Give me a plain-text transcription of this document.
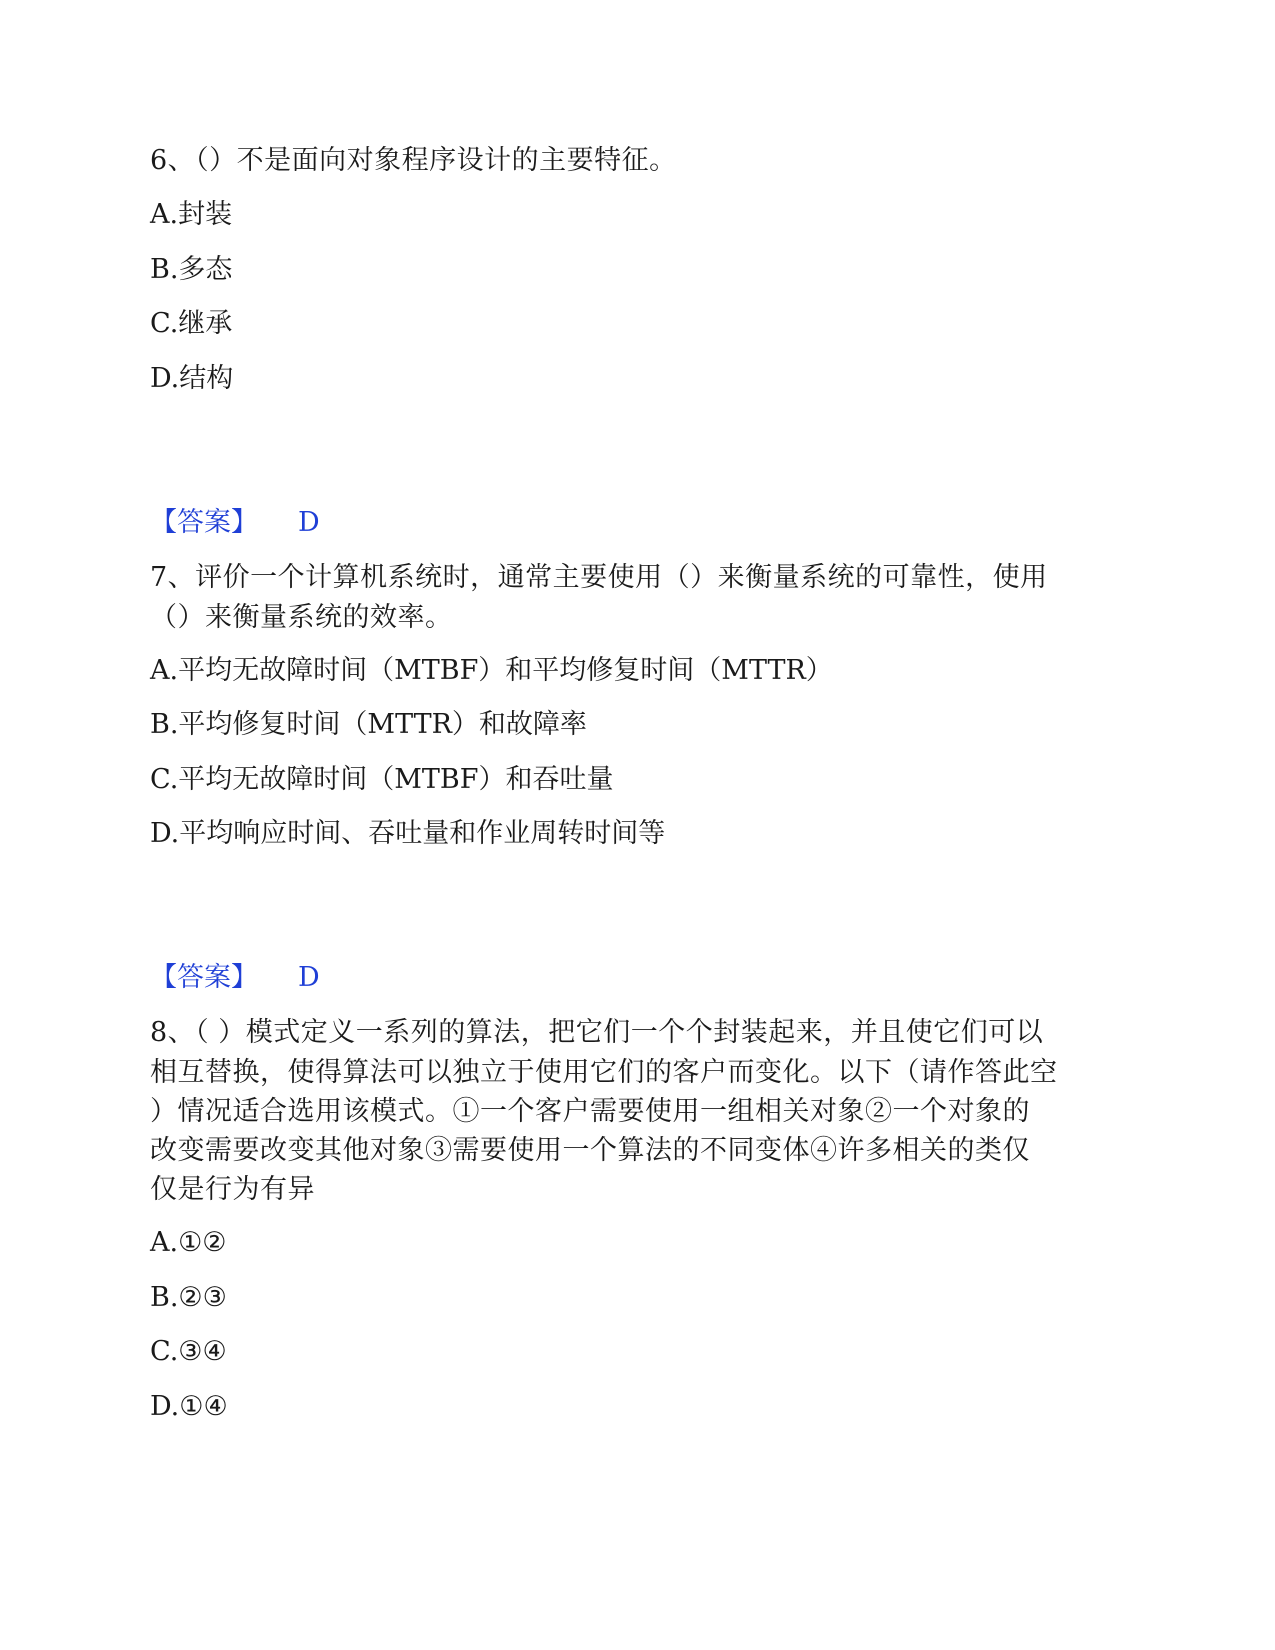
6、（）不是面向对象程序设计的主要特征。
A.封装
B.多态
C.继承
D.结构
【答案】 D
7、评价一个计算机系统时，通常主要使用（）来衡量系统的可靠性，使用
（）来衡量系统的效率。
A.平均无故障时间（MTBF）和平均修复时间（MTTR）
B.平均修复时间（MTTR）和故障率
C.平均无故障时间（MTBF）和吞吐量
D.平均响应时间、吞吐量和作业周转时间等
【答案】 D
8、（ ）模式定义一系列的算法，把它们一个个封装起来，并且使它们可以
相互替换，使得算法可以独立于使用它们的客户而变化。以下（请作答此空
）情况适合选用该模式。①一个客户需要使用一组相关对象②一个对象的
改变需要改变其他对象③需要使用一个算法的不同变体④许多相关的类仅
仅是行为有异
A.①②
B.②③
C.③④
D.①④
